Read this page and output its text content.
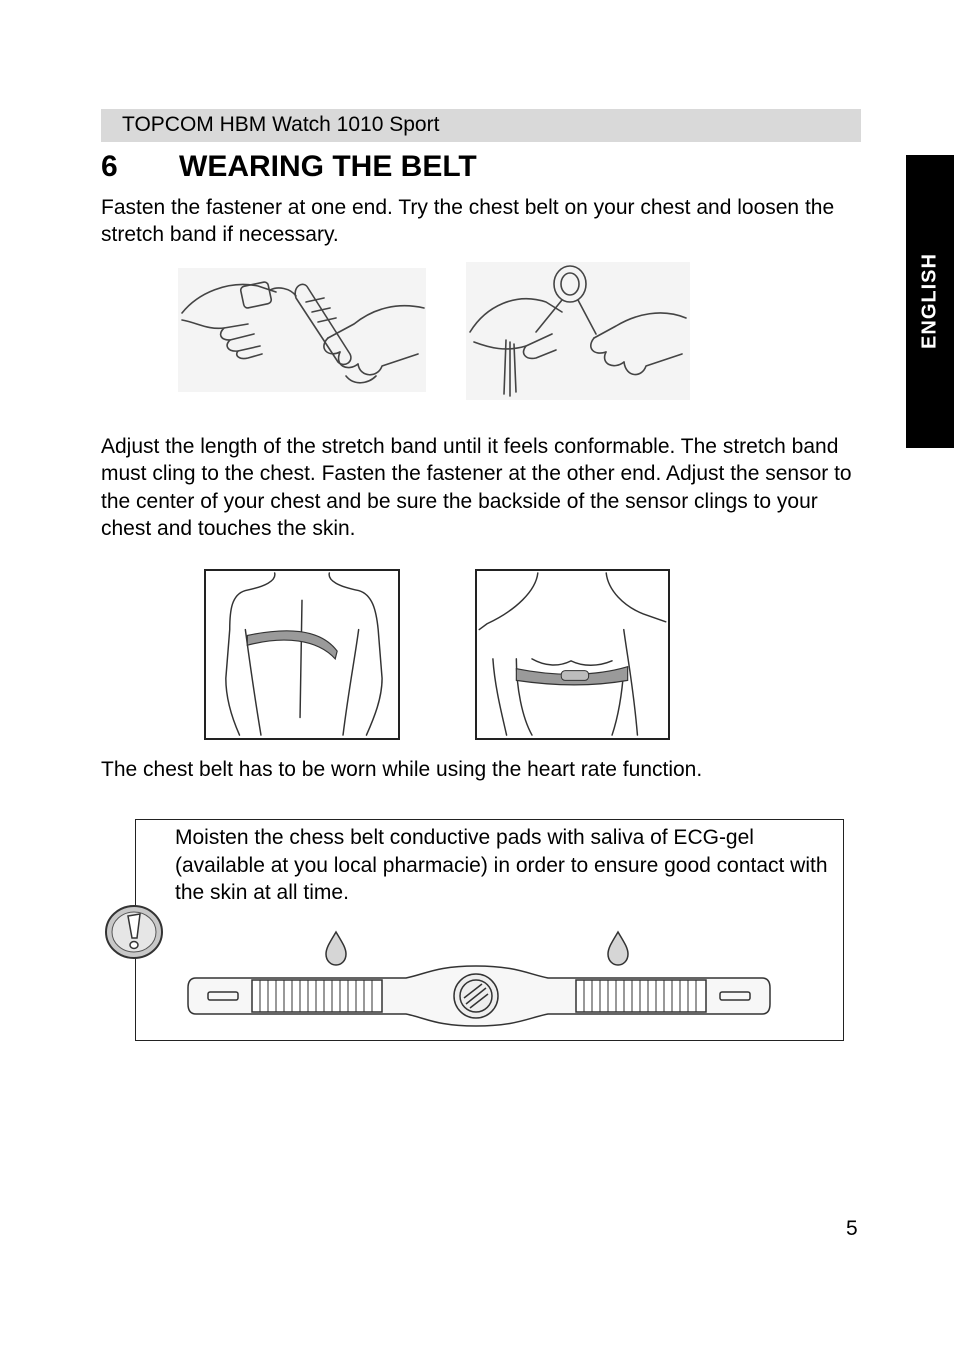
TOPCOM HBM Watch 1010 Sport
6 WEARING THE BELT

Fasten the fastener at one end. Try the chest belt on your chest and loosen the stretch band if necessary.

Adjust the length of the stretch band until it feels conformable. The stretch band must cling to the chest. Fasten the fastener at the other end. Adjust the sensor to the center of your chest and be sure the backside of the sensor clings to your chest and touches the skin.

The chest belt has to be worn while using the heart rate function.

Moisten the chess belt conductive pads with saliva of ECG-gel (available at you local pharmacie) in order to ensure good contact with the skin at all time.

ENGLISH
5
